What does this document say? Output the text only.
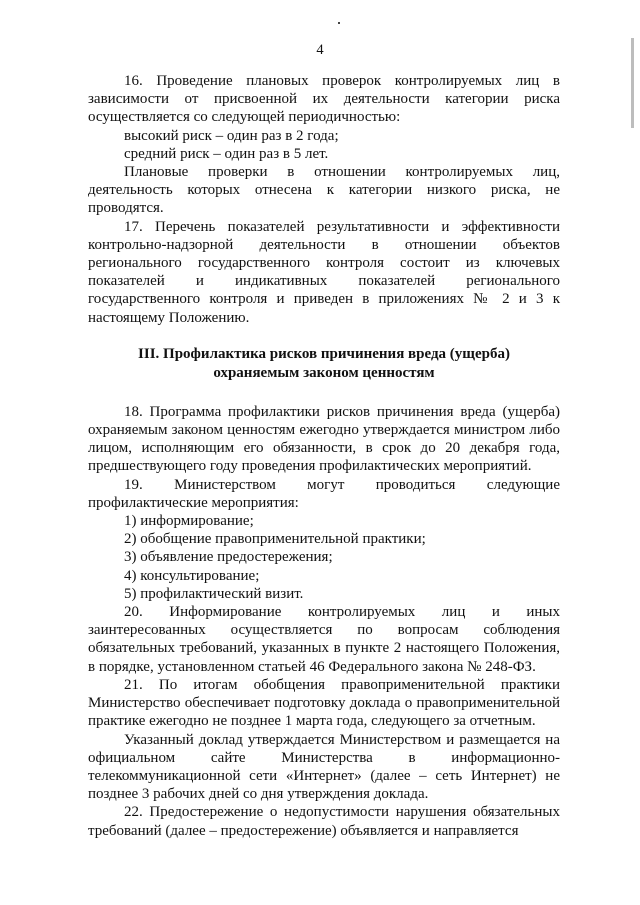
4

16. Проведение плановых проверок контролируемых лиц в зависимости от присвоенной их деятельности категории риска осуществляется со следующей периодичностью:

высокий риск – один раз в 2 года;

средний риск – один раз в 5 лет.

Плановые проверки в отношении контролируемых лиц, деятельность которых отнесена к категории низкого риска, не проводятся.

17. Перечень показателей результативности и эффективности контрольно-надзорной деятельности в отношении объектов регионального государственного контроля состоит из ключевых показателей и индикативных показателей регионального государственного контроля и приведен в приложениях № 2 и 3 к настоящему Положению.

III. Профилактика рисков причинения вреда (ущерба)
охраняемым законом ценностям

18. Программа профилактики рисков причинения вреда (ущерба) охраняемым законом ценностям ежегодно утверждается министром либо лицом, исполняющим его обязанности, в срок до 20 декабря года, предшествующего году проведения профилактических мероприятий.

19. Министерством могут проводиться следующие профилактические мероприятия:

1) информирование;

2) обобщение правоприменительной практики;

3) объявление предостережения;

4) консультирование;

5) профилактический визит.

20. Информирование контролируемых лиц и иных заинтересованных осуществляется по вопросам соблюдения обязательных требований, указанных в пункте 2 настоящего Положения, в порядке, установленном статьей 46 Федерального закона № 248-ФЗ.

21. По итогам обобщения правоприменительной практики Министерство обеспечивает подготовку доклада о правоприменительной практике ежегодно не позднее 1 марта года, следующего за отчетным.

Указанный доклад утверждается Министерством и размещается на официальном сайте Министерства в информационно-телекоммуникационной сети «Интернет» (далее – сеть Интернет) не позднее 3 рабочих дней со дня утверждения доклада.

22. Предостережение о недопустимости нарушения обязательных требований (далее – предостережение) объявляется и направляется
